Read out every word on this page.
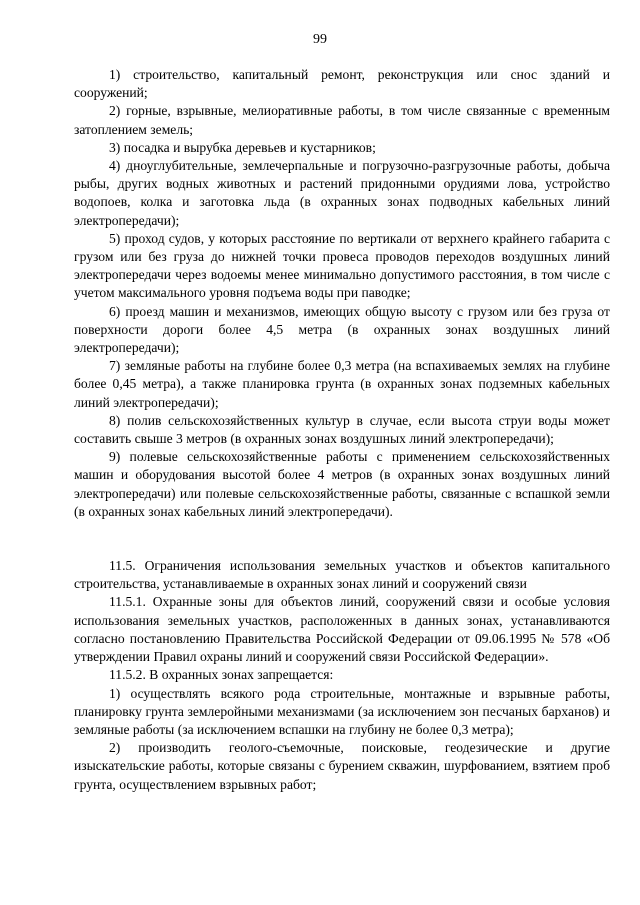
99

1) строительство, капитальный ремонт, реконструкция или снос зданий и сооружений;

2) горные, взрывные, мелиоративные работы, в том числе связанные с временным затоплением земель;

3) посадка и вырубка деревьев и кустарников;

4) дноуглубительные, землечерпальные и погрузочно-разгрузочные работы, добыча рыбы, других водных животных и растений придонными орудиями лова, устройство водопоев, колка и заготовка льда (в охранных зонах подводных кабельных линий электропередачи);

5) проход судов, у которых расстояние по вертикали от верхнего крайнего габарита с грузом или без груза до нижней точки провеса проводов переходов воздушных линий электропередачи через водоемы менее минимально допустимого расстояния, в том числе с учетом максимального уровня подъема воды при паводке;

6) проезд машин и механизмов, имеющих общую высоту с грузом или без груза от поверхности дороги более 4,5 метра (в охранных зонах воздушных линий электропередачи);

7) земляные работы на глубине более 0,3 метра (на вспахиваемых землях на глубине более 0,45 метра), а также планировка грунта (в охранных зонах подземных кабельных линий электропередачи);

8) полив сельскохозяйственных культур в случае, если высота струи воды может составить свыше 3 метров (в охранных зонах воздушных линий электропередачи);

9) полевые сельскохозяйственные работы с применением сельскохозяйственных машин и оборудования высотой более 4 метров (в охранных зонах воздушных линий электропередачи) или полевые сельскохозяйственные работы, связанные с вспашкой земли (в охранных зонах кабельных линий электропередачи).

11.5. Ограничения использования земельных участков и объектов капитального строительства, устанавливаемые в охранных зонах линий и сооружений связи

11.5.1. Охранные зоны для объектов линий, сооружений связи и особые условия использования земельных участков, расположенных в данных зонах, устанавливаются согласно постановлению Правительства Российской Федерации от 09.06.1995 № 578 «Об утверждении Правил охраны линий и сооружений связи Российской Федерации».

11.5.2. В охранных зонах запрещается:

1) осуществлять всякого рода строительные, монтажные и взрывные работы, планировку грунта землеройными механизмами (за исключением зон песчаных барханов) и земляные работы (за исключением вспашки на глубину не более 0,3 метра);

2) производить геолого-съемочные, поисковые, геодезические и другие изыскательские работы, которые связаны с бурением скважин, шурфованием, взятием проб грунта, осуществлением взрывных работ;
